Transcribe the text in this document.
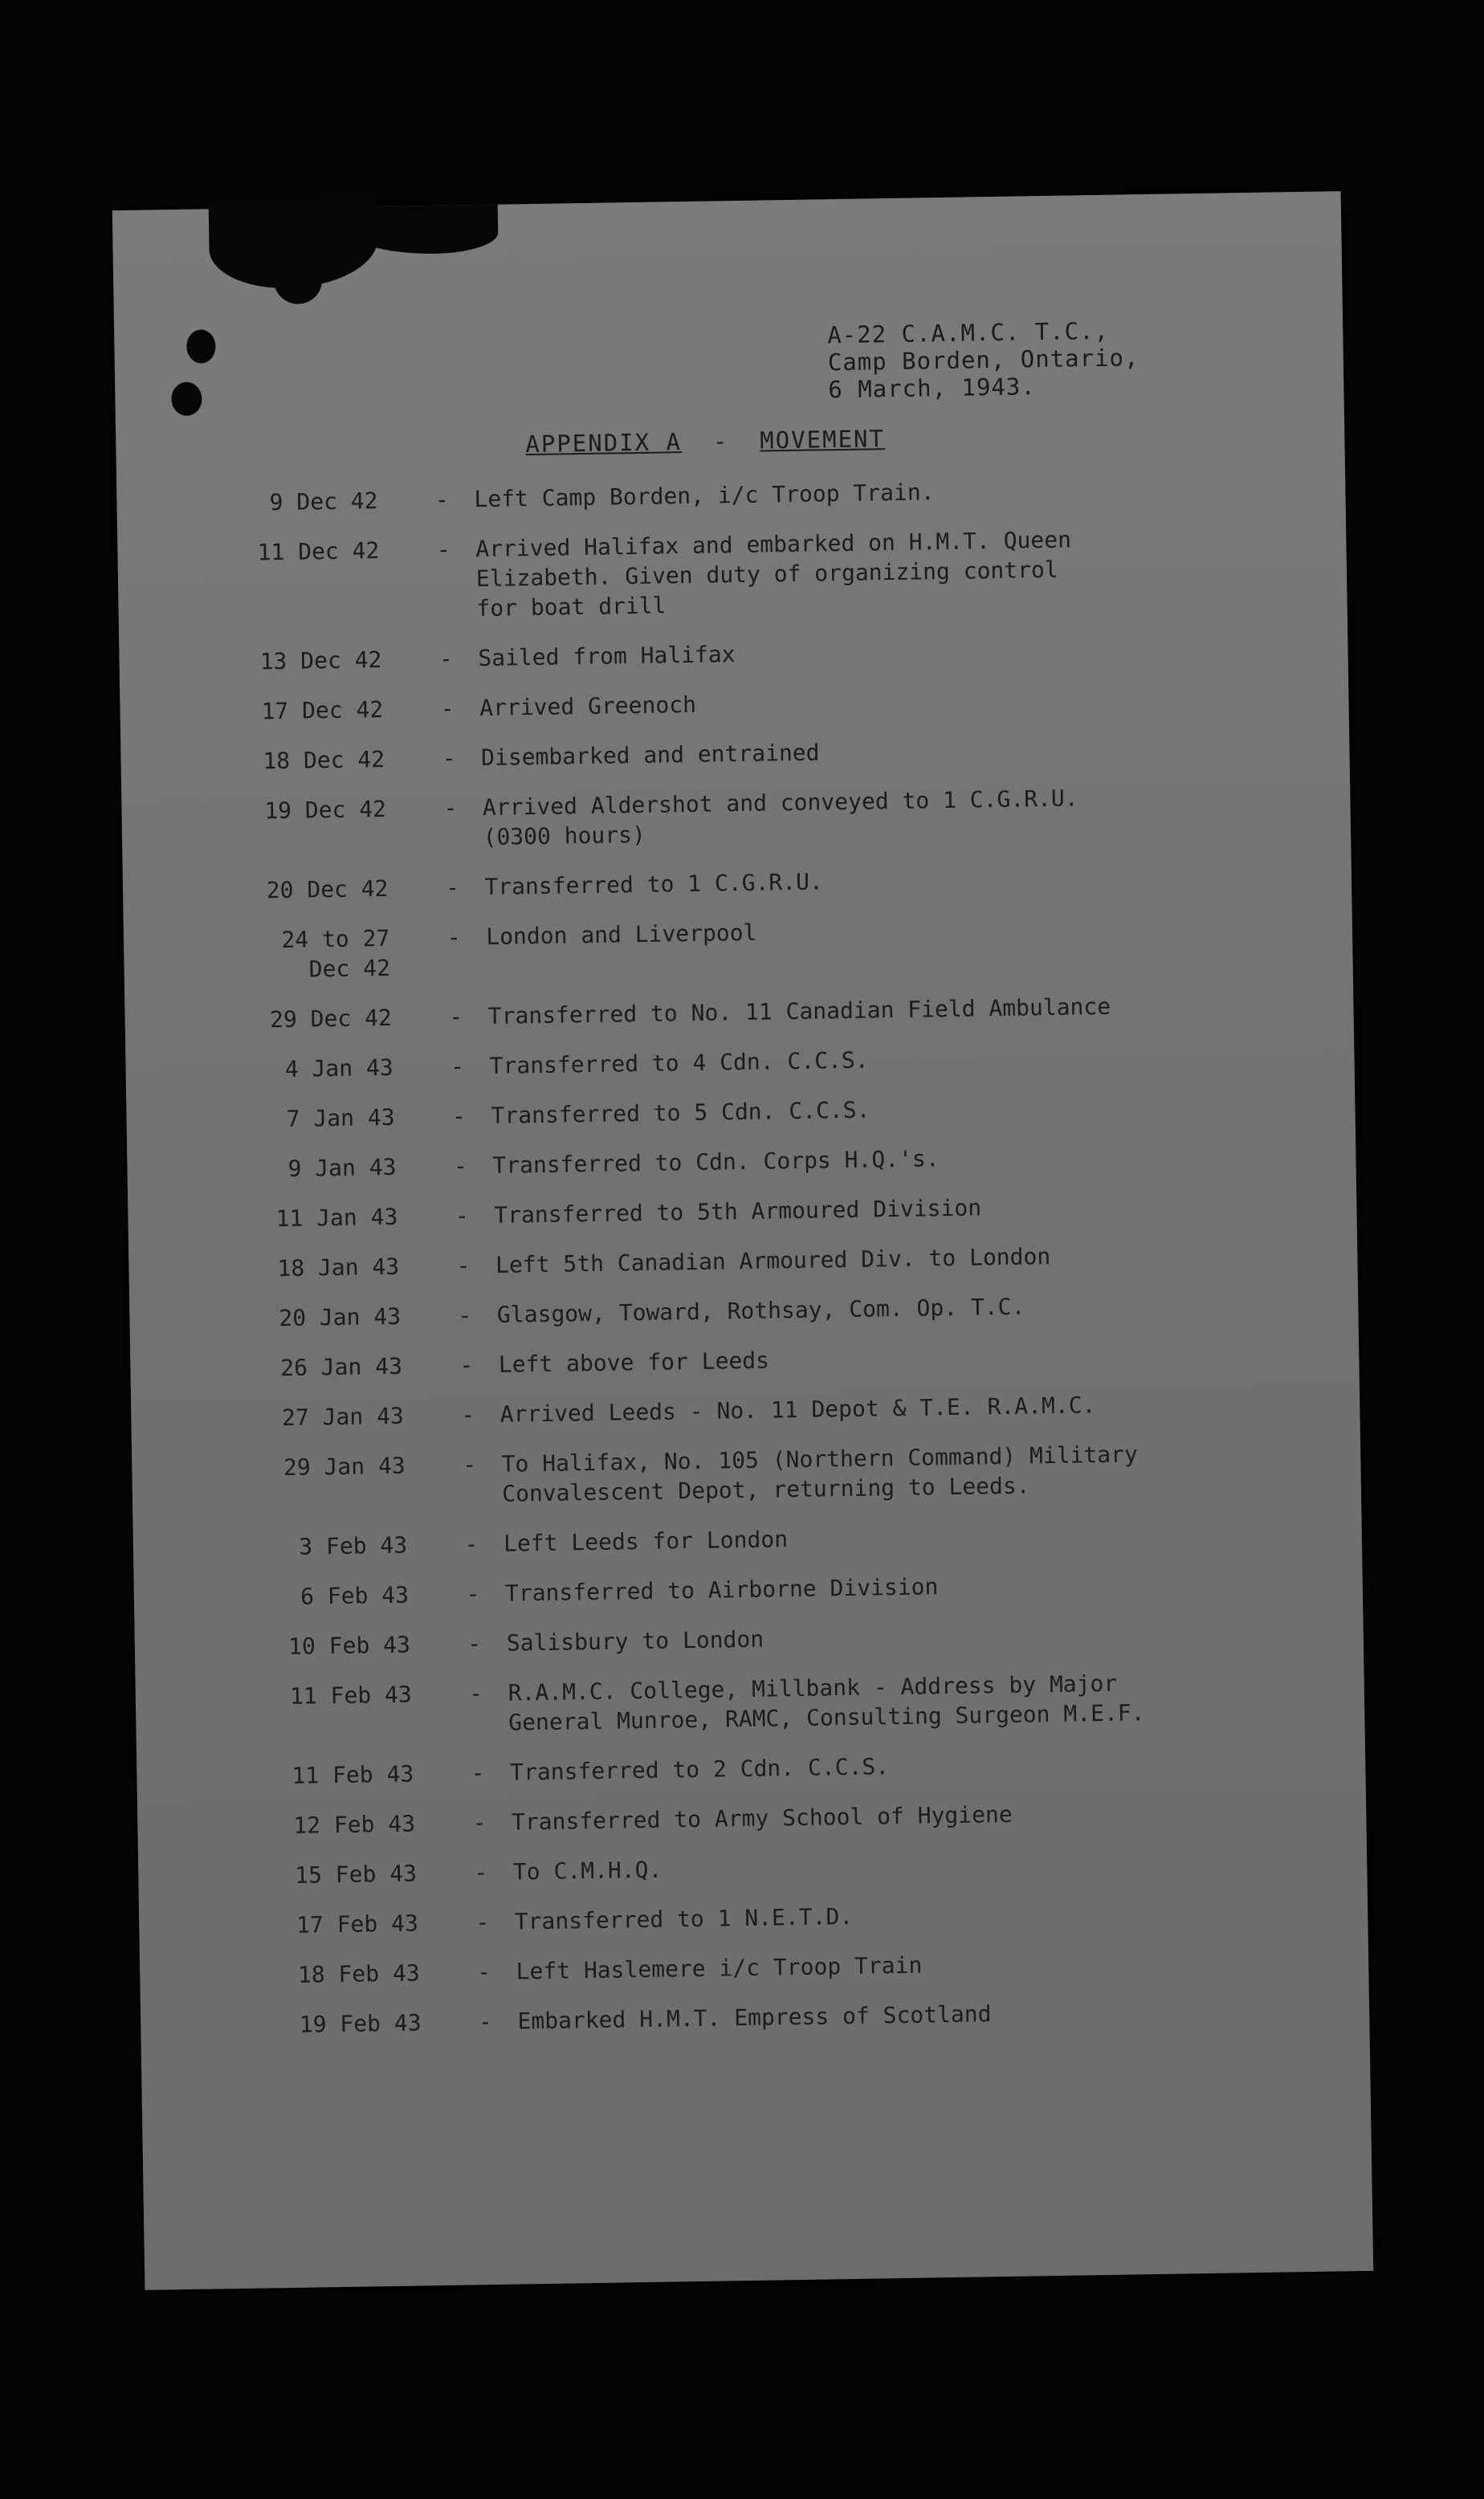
A-22 C.A.M.C. T.C.,
Camp Borden, Ontario,
6 March, 1943.
APPENDIX A - MOVEMENT
9 Dec 42	-	Left Camp Borden, i/c Troop Train.
11 Dec 42	-	Arrived Halifax and embarked on H.M.T. Queen
Elizabeth. Given duty of organizing control
for boat drill
13 Dec 42	-	Sailed from Halifax
17 Dec 42	-	Arrived Greenoch
18 Dec 42	-	Disembarked and entrained
19 Dec 42	-	Arrived Aldershot and conveyed to 1 C.G.R.U.
(0300 hours)
20 Dec 42	-	Transferred to 1 C.G.R.U.
24 to 27
Dec 42
-	London and Liverpool
29 Dec 42	-	Transferred to No. 11 Canadian Field Ambulance
4 Jan 43	-	Transferred to 4 Cdn. C.C.S.
7 Jan 43	-	Transferred to 5 Cdn. C.C.S.
9 Jan 43	-	Transferred to Cdn. Corps H.Q.'s.
11 Jan 43	-	Transferred to 5th Armoured Division
18 Jan 43	-	Left 5th Canadian Armoured Div. to London
20 Jan 43	-	Glasgow, Toward, Rothsay, Com. Op. T.C.
26 Jan 43	-	Left above for Leeds
27 Jan 43	-	Arrived Leeds - No. 11 Depot & T.E. R.A.M.C.
29 Jan 43	-	To Halifax, No. 105 (Northern Command) Military
Convalescent Depot, returning to Leeds.
3 Feb 43	-	Left Leeds for London
6 Feb 43	-	Transferred to Airborne Division
10 Feb 43	-	Salisbury to London
11 Feb 43	-	R.A.M.C. College, Millbank - Address by Major
General Munroe, RAMC, Consulting Surgeon M.E.F.
11 Feb 43	-	Transferred to 2 Cdn. C.C.S.
12 Feb 43	-	Transferred to Army School of Hygiene
15 Feb 43	-	To C.M.H.Q.
17 Feb 43	-	Transferred to 1 N.E.T.D.
18 Feb 43	-	Left Haslemere i/c Troop Train
19 Feb 43	-	Embarked H.M.T. Empress of Scotland
